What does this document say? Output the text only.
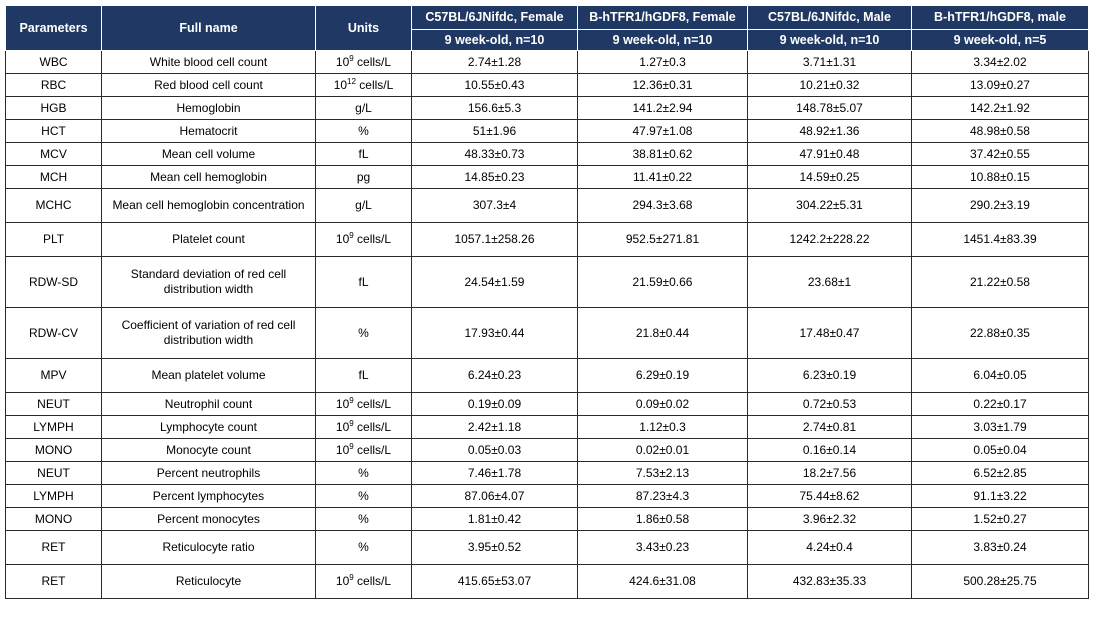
Parameters	Full name	Units	C57BL/6JNifdc, Female	B-hTFR1/hGDF8, Female	C57BL/6JNifdc, Male	B-hTFR1/hGDF8, male
			9 week-old, n=10	9 week-old, n=10	9 week-old, n=10	9 week-old, n=5
WBC	White blood cell count	$10^9$ cells/L	2.74±1.28	1.27±0.3	3.71±1.31	3.34±2.02
RBC	Red blood cell count	$10^{12}$ cells/L	10.55±0.43	12.36±0.31	10.21±0.32	13.09±0.27
HGB	Hemoglobin	g/L	156.6±5.3	141.2±2.94	148.78±5.07	142.2±1.92
HCT	Hematocrit	%	51±1.96	47.97±1.08	48.92±1.36	48.98±0.58
MCV	Mean cell volume	fL	48.33±0.73	38.81±0.62	47.91±0.48	37.42±0.55
MCH	Mean cell hemoglobin	pg	14.85±0.23	11.41±0.22	14.59±0.25	10.88±0.15
MCHC	Mean cell hemoglobin concentration	g/L	307.3±4	294.3±3.68	304.22±5.31	290.2±3.19
PLT	Platelet count	$10^9$ cells/L	1057.1±258.26	952.5±271.81	1242.2±228.22	1451.4±83.39
RDW-SD	Standard deviation of red cell distribution width	fL	24.54±1.59	21.59±0.66	23.68±1	21.22±0.58
RDW-CV	Coefficient of variation of red cell distribution width	%	17.93±0.44	21.8±0.44	17.48±0.47	22.88±0.35
MPV	Mean platelet volume	fL	6.24±0.23	6.29±0.19	6.23±0.19	6.04±0.05
NEUT	Neutrophil count	$10^9$ cells/L	0.19±0.09	0.09±0.02	0.72±0.53	0.22±0.17
LYMPH	Lymphocyte count	$10^9$ cells/L	2.42±1.18	1.12±0.3	2.74±0.81	3.03±1.79
MONO	Monocyte count	$10^9$ cells/L	0.05±0.03	0.02±0.01	0.16±0.14	0.05±0.04
NEUT	Percent neutrophils	%	7.46±1.78	7.53±2.13	18.2±7.56	6.52±2.85
LYMPH	Percent lymphocytes	%	87.06±4.07	87.23±4.3	75.44±8.62	91.1±3.22
MONO	Percent monocytes	%	1.81±0.42	1.86±0.58	3.96±2.32	1.52±0.27
RET	Reticulocyte ratio	%	3.95±0.52	3.43±0.23	4.24±0.4	3.83±0.24
RET	Reticulocyte	$10^9$ cells/L	415.65±53.07	424.6±31.08	432.83±35.33	500.28±25.75
